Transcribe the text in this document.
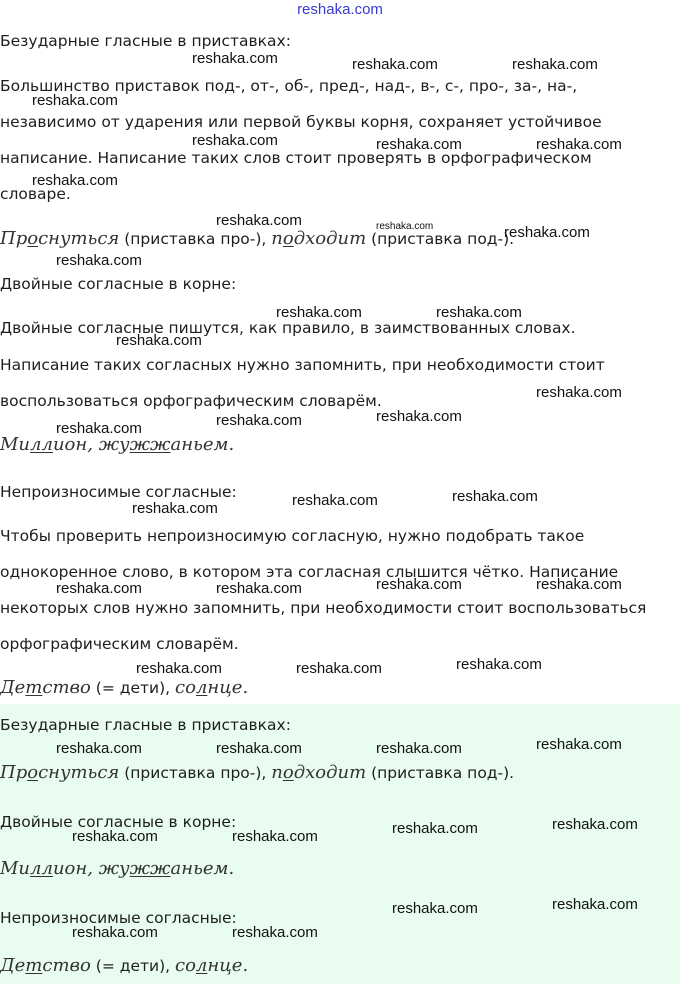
reshaka.com
Безударные гласные в приставках:
Большинство приставок под-, от-, об-, пред-, над-, в-, с-, про-, за-, на-,
независимо от ударения или первой буквы корня, сохраняет устойчивое
написание. Написание таких слов стоит проверять в орфографическом
словаре.
Проснуться (приставка про-), подходит (приставка под-).
Двойные согласные в корне:
Двойные согласные пишутся, как правило, в заимствованных словах.
Написание таких согласных нужно запомнить, при необходимости стоит
воспользоваться орфографическим словарём.
Миллион, жужжаньем.
Непроизносимые согласные:
Чтобы проверить непроизносимую согласную, нужно подобрать такое
однокоренное слово, в котором эта согласная слышится чётко. Написание
некоторых слов нужно запомнить, при необходимости стоит воспользоваться
орфографическим словарём.
Детство (= дети), солнце.
Безударные гласные в приставках:
Проснуться (приставка про-), подходит (приставка под-).
Двойные согласные в корне:
Миллион, жужжаньем.
Непроизносимые согласные:
Детство (= дети), солнце.
reshaka.com	reshaka.com	reshaka.com
reshaka.com
reshaka.com	reshaka.com	reshaka.com
reshaka.com
reshaka.com	reshaka.com	reshaka.com
reshaka.com
reshaka.com	reshaka.com
reshaka.com
reshaka.com
reshaka.com
reshaka.com
reshaka.com
reshaka.com
reshaka.com
reshaka.com
reshaka.com	reshaka.com
reshaka.com	reshaka.com
reshaka.com
reshaka.com	reshaka.com
reshaka.com
reshaka.com	reshaka.com	reshaka.com
reshaka.com
reshaka.com
reshaka.com	reshaka.com
reshaka.com
reshaka.com
reshaka.com	reshaka.com
